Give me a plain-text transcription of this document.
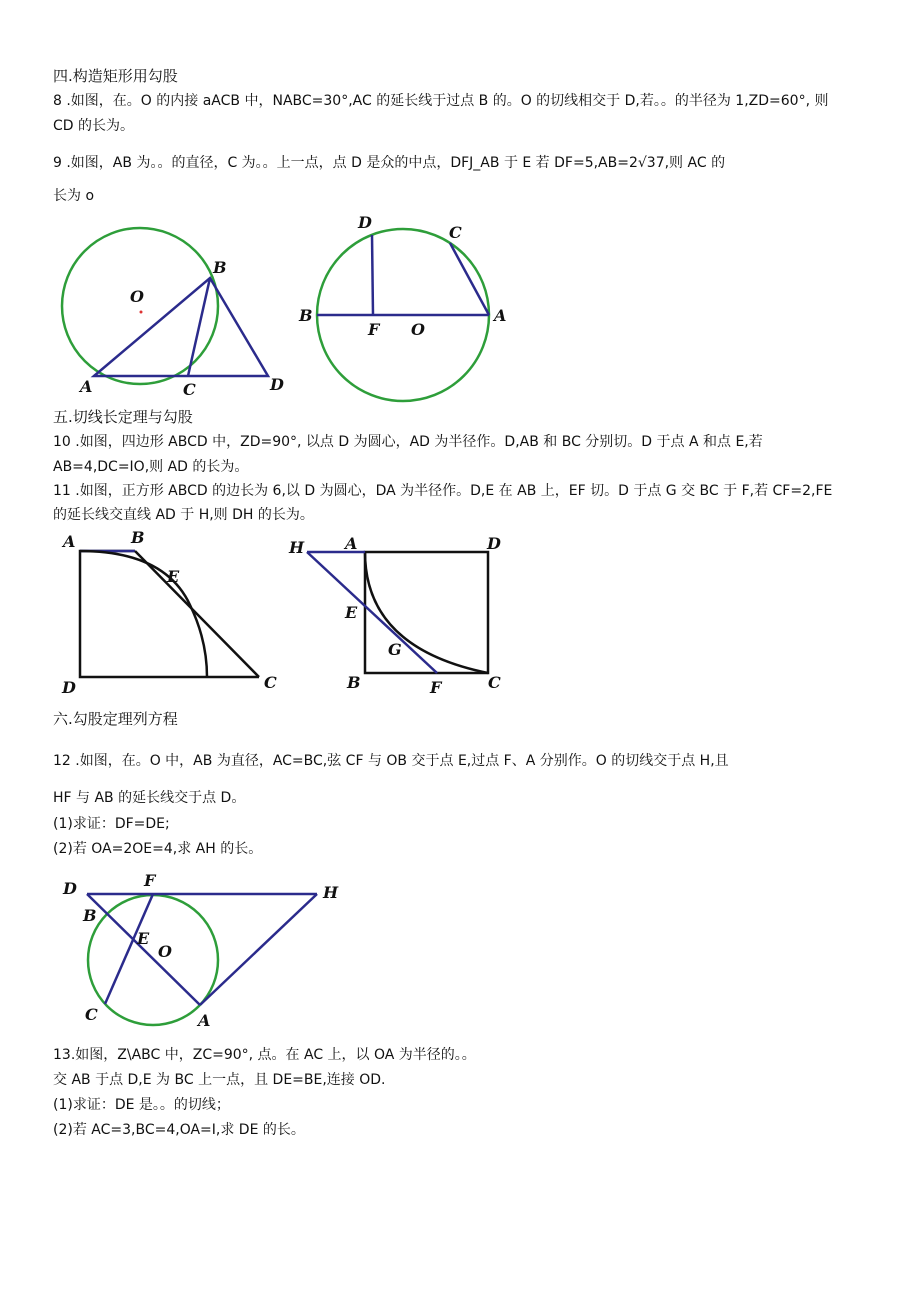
四.构造矩形用勾股
8 .如图，在。O 的内接 aACB 中，NABC=30°,AC 的延长线于过点 B 的。O 的切线相交于 D,若。。的半径为 1,ZD=60°, 则
CD 的长为。
9 .如图，AB 为。。的直径，C 为。。上一点，点 D 是众的中点，DFJ_AB 于 E 若 DF=5,AB=2√37,则 AC 的
长为 o
O
B
A	C	D
D
C
B
F O
A
五.切线长定理与勾股
10 .如图，四边形 ABCD 中，ZD=90°, 以点 D 为圆心，AD 为半径作。D,AB 和 BC 分别切。D 于点 A 和点 E,若
AB=4,DC=IO,则 AD 的长为。
11 .如图，正方形 ABCD 的边长为 6,以 D 为圆心，DA 为半径作。D,E 在 AB 上，EF 切。D 于点 G 交 BC 于 F,若 CF=2,FE
的延长线交直线 AD 于 H,则 DH 的长为。
A	B
E
D	C
H	A	D
E
G
B	F	C
六.勾股定理列方程
12 .如图，在。O 中，AB 为直径，AC=BC,弦 CF 与 OB 交于点 E,过点 F、A 分别作。O 的切线交于点 H,且
HF 与 AB 的延长线交于点 D。
(1)求证：DF=DE;
(2)若 OA=2OE=4,求 AH 的长。
D	F
H
B
E
O
C	A
13.如图，Z\ABC 中，ZC=90°, 点。在 AC 上，以 OA 为半径的。。
交 AB 于点 D,E 为 BC 上一点，且 DE=BE,连接 OD.
(1)求证：DE 是。。的切线；
(2)若 AC=3,BC=4,OA=I,求 DE 的长。
